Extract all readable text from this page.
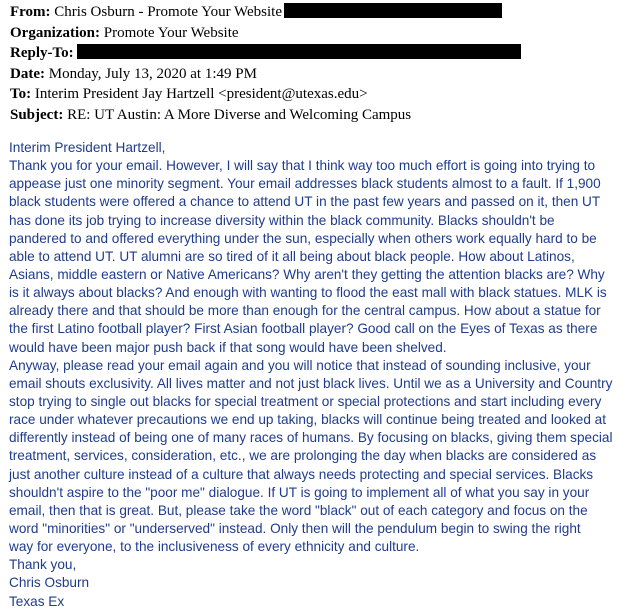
From: Chris Osburn - Promote Your Website
Organization: Promote Your Website
Reply-To:
Date: Monday, July 13, 2020 at 1:49 PM
To: Interim President Jay Hartzell <president@utexas.edu>
Subject: RE: UT Austin: A More Diverse and Welcoming Campus
Interim President Hartzell,
Thank you for your email. However, I will say that I think way too much effort is going into trying to
appease just one minority segment. Your email addresses black students almost to a fault. If 1,900
black students were offered a chance to attend UT in the past few years and passed on it, then UT
has done its job trying to increase diversity within the black community. Blacks shouldn't be
pandered to and offered everything under the sun, especially when others work equally hard to be
able to attend UT. UT alumni are so tired of it all being about black people. How about Latinos,
Asians, middle eastern or Native Americans? Why aren't they getting the attention blacks are? Why
is it always about blacks? And enough with wanting to flood the east mall with black statues. MLK is
already there and that should be more than enough for the central campus. How about a statue for
the first Latino football player? First Asian football player? Good call on the Eyes of Texas as there
would have been major push back if that song would have been shelved.
Anyway, please read your email again and you will notice that instead of sounding inclusive, your
email shouts exclusivity. All lives matter and not just black lives. Until we as a University and Country
stop trying to single out blacks for special treatment or special protections and start including every
race under whatever precautions we end up taking, blacks will continue being treated and looked at
differently instead of being one of many races of humans. By focusing on blacks, giving them special
treatment, services, consideration, etc., we are prolonging the day when blacks are considered as
just another culture instead of a culture that always needs protecting and special services. Blacks
shouldn't aspire to the "poor me" dialogue. If UT is going to implement all of what you say in your
email, then that is great. But, please take the word "black" out of each category and focus on the
word "minorities" or "underserved" instead. Only then will the pendulum begin to swing the right
way for everyone, to the inclusiveness of every ethnicity and culture.
Thank you,
Chris Osburn
Texas Ex
